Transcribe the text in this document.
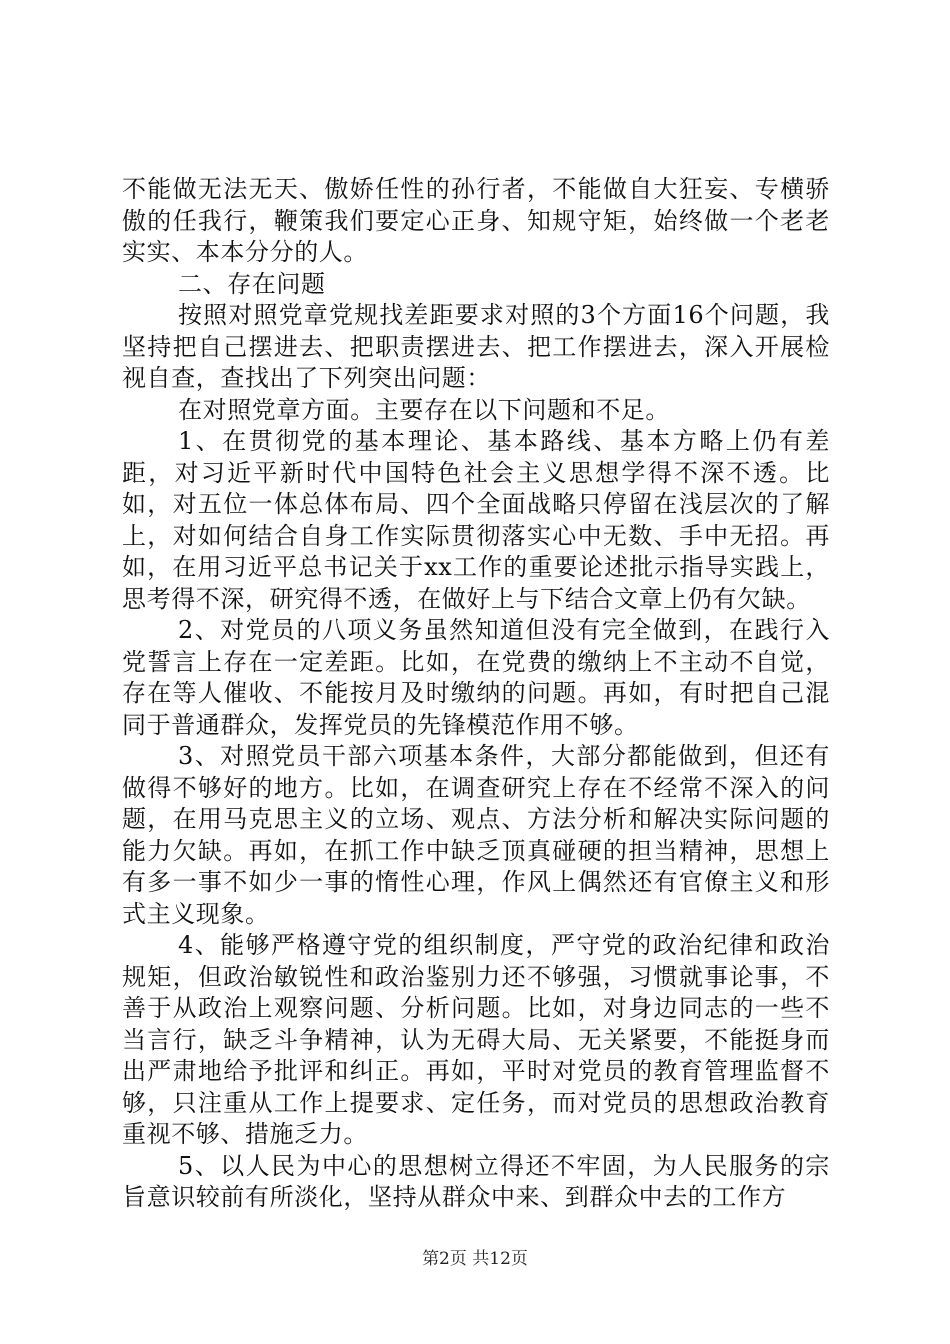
不能做无法无天、傲娇任性的孙行者，不能做自大狂妄、专横骄傲的任我行，鞭策我们要定心正身、知规守矩，始终做一个老老实实、本本分分的人。

二、存在问题

按照对照党章党规找差距要求对照的3个方面16个问题，我坚持把自己摆进去、把职责摆进去、把工作摆进去，深入开展检视自查，查找出了下列突出问题：

在对照党章方面。主要存在以下问题和不足。

1、在贯彻党的基本理论、基本路线、基本方略上仍有差距，对习近平新时代中国特色社会主义思想学得不深不透。比如，对五位一体总体布局、四个全面战略只停留在浅层次的了解上，对如何结合自身工作实际贯彻落实心中无数、手中无招。再如，在用习近平总书记关于xx工作的重要论述批示指导实践上，思考得不深，研究得不透，在做好上与下结合文章上仍有欠缺。

2、对党员的八项义务虽然知道但没有完全做到，在践行入党誓言上存在一定差距。比如，在党费的缴纳上不主动不自觉，存在等人催收、不能按月及时缴纳的问题。再如，有时把自己混同于普通群众，发挥党员的先锋模范作用不够。

3、对照党员干部六项基本条件，大部分都能做到，但还有做得不够好的地方。比如，在调查研究上存在不经常不深入的问题，在用马克思主义的立场、观点、方法分析和解决实际问题的能力欠缺。再如，在抓工作中缺乏顶真碰硬的担当精神，思想上有多一事不如少一事的惰性心理，作风上偶然还有官僚主义和形式主义现象。

4、能够严格遵守党的组织制度，严守党的政治纪律和政治规矩，但政治敏锐性和政治鉴别力还不够强，习惯就事论事，不善于从政治上观察问题、分析问题。比如，对身边同志的一些不当言行，缺乏斗争精神，认为无碍大局、无关紧要，不能挺身而出严肃地给予批评和纠正。再如，平时对党员的教育管理监督不够，只注重从工作上提要求、定任务，而对党员的思想政治教育重视不够、措施乏力。

5、以人民为中心的思想树立得还不牢固，为人民服务的宗旨意识较前有所淡化，坚持从群众中来、到群众中去的工作方

第2页 共12页
